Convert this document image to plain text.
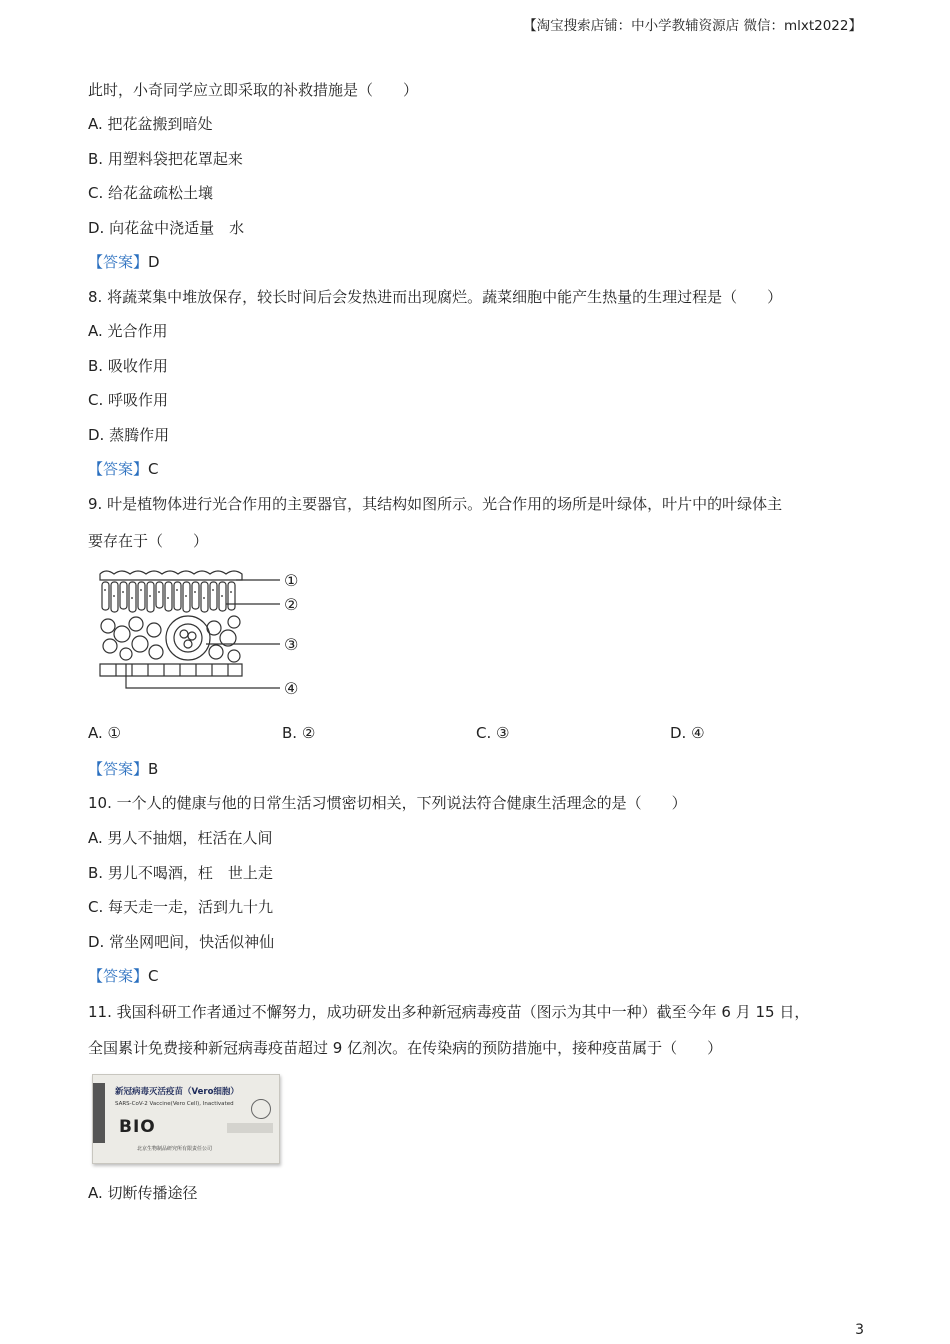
【淘宝搜索店铺：中小学教辅资源店 微信：mlxt2022】
此时，小奇同学应立即采取的补救措施是（　　）
A. 把花盆搬到暗处
B. 用塑料袋把花罩起来
C. 给花盆疏松土壤
D. 向花盆中浇适量　水
【答案】D
8. 将蔬菜集中堆放保存，较长时间后会发热进而出现腐烂。蔬菜细胞中能产生热量的生理过程是（　　）
A. 光合作用
B. 吸收作用
C. 呼吸作用
D. 蒸腾作用
【答案】C
9. 叶是植物体进行光合作用的主要器官，其结构如图所示。光合作用的场所是叶绿体，叶片中的叶绿体主
要存在于（　　）
①
②
③
④
A. ①	B. ②	C. ③	D. ④
【答案】B
10. 一个人的健康与他的日常生活习惯密切相关，下列说法符合健康生活理念的是（　　）
A. 男人不抽烟，枉活在人间
B. 男儿不喝酒，枉　世上走
C. 每天走一走，活到九十九
D. 常坐网吧间，快活似神仙
【答案】C
11. 我国科研工作者通过不懈努力，成功研发出多种新冠病毒疫苗（图示为其中一种）截至今年 6 月 15 日，
全国累计免费接种新冠病毒疫苗超过 9 亿剂次。在传染病的预防措施中，接种疫苗属于（　　）
新冠病毒灭活疫苗（Vero细胞）
SARS-CoV-2 Vaccine(Vero Cell), Inactivated
BIO
北京生物制品研究所有限责任公司
A. 切断传播途径
3
